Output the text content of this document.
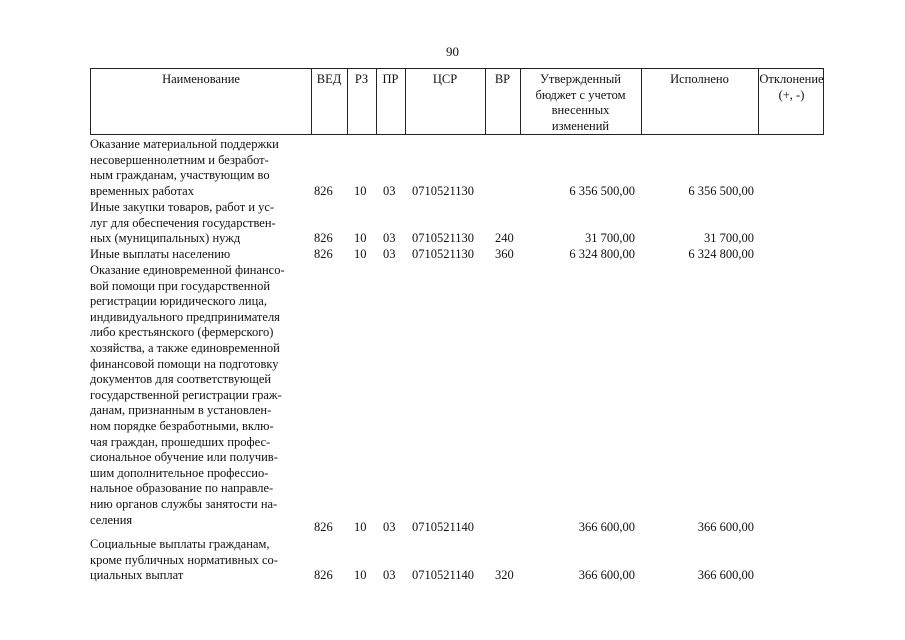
90
Наименование	ВЕД	РЗ	ПР	ЦСР	ВР	Утвержденный
бюджет с учетом
внесенных
изменений
Исполнено	Отклонение
(+, -)
Оказание материальной поддержки
несовершеннолетним и безработ-
ным гражданам, участвующим во
временных работах	826 10 03 0710521130	6 356 500,00	6 356 500,00
Иные закупки товаров, работ и ус-
луг для обеспечения государствен-
ных (муниципальных) нужд	826 10 03 0710521130 240	31 700,00	31 700,00
Иные выплаты населению	826 10 03 0710521130 360	6 324 800,00	6 324 800,00
Оказание единовременной финансо-
вой помощи при государственной
регистрации юридического лица,
индивидуального предпринимателя
либо крестьянского (фермерского)
хозяйства, а также единовременной
финансовой помощи на подготовку
документов для соответствующей
государственной регистрации граж-
данам, признанным в установлен-
ном порядке безработными, вклю-
чая граждан, прошедших профес-
сиональное обучение или получив-
шим дополнительное профессио-
нальное образование по направле-
нию органов службы занятости на-
селения
826 10 03 0710521140	366 600,00	366 600,00
Социальные выплаты гражданам,
кроме публичных нормативных со-
циальных выплат	826 10 03 0710521140 320	366 600,00	366 600,00
